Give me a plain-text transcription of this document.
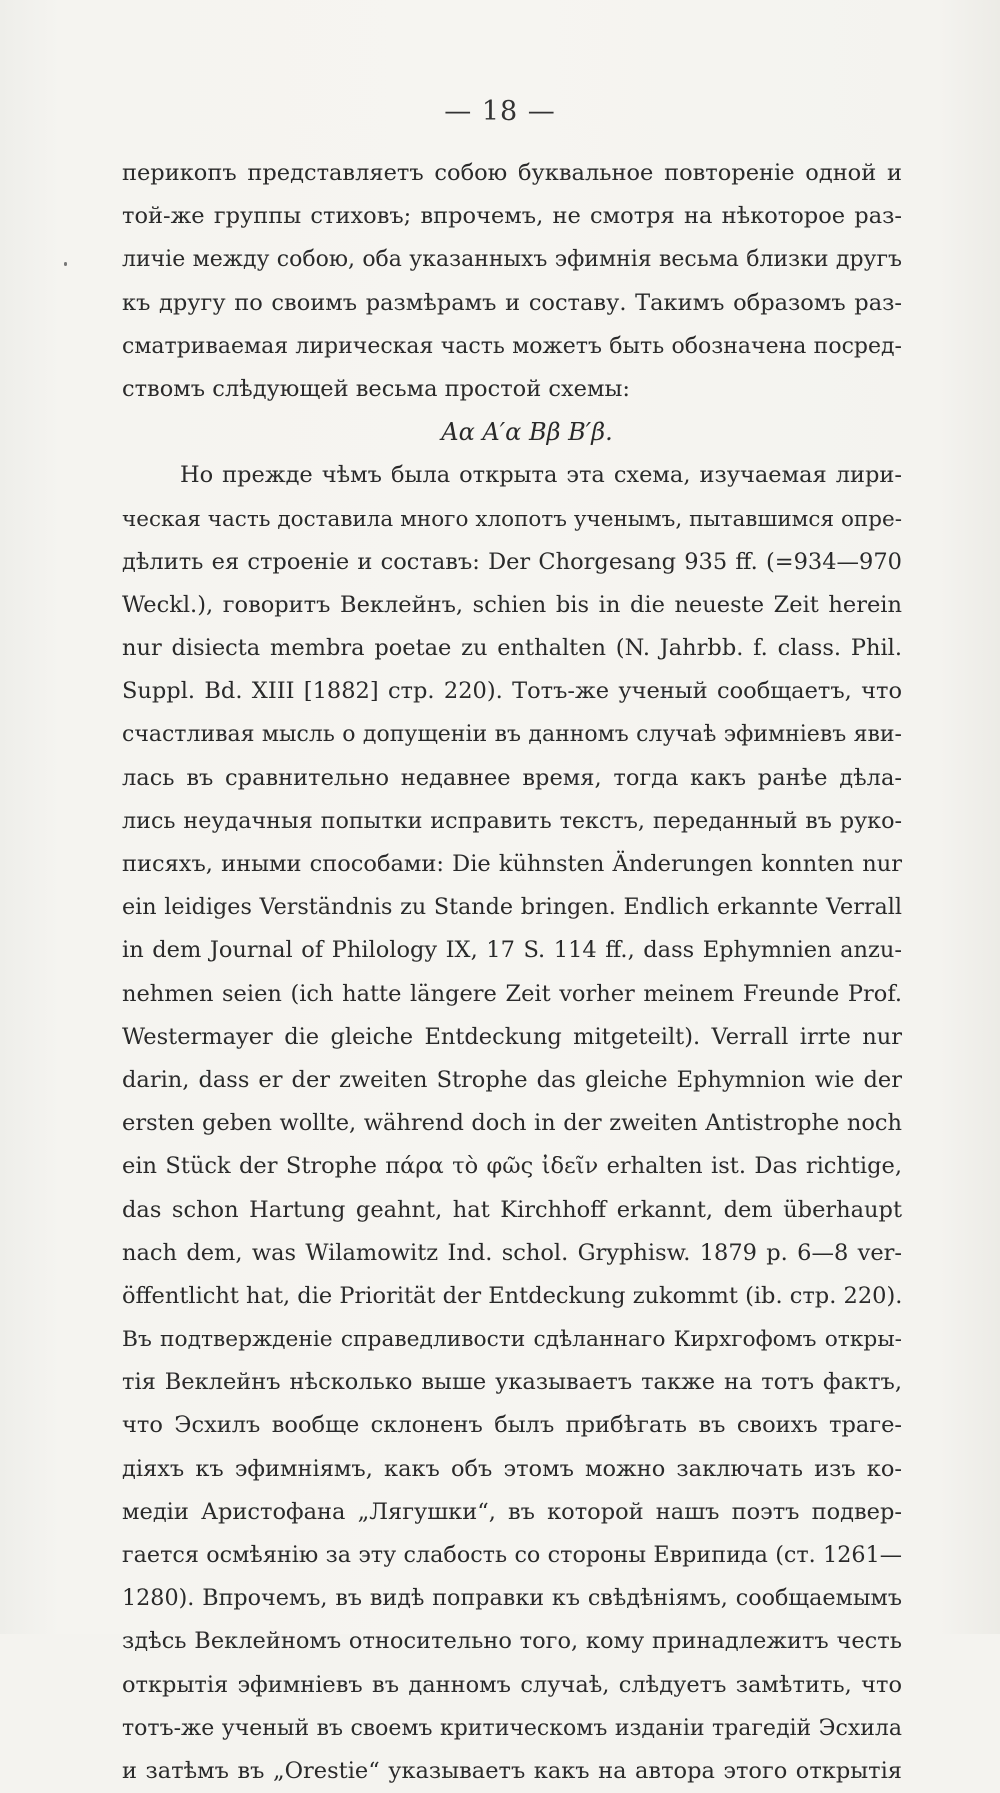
— 18 —
перикопъ представляетъ собою буквальное повторенiе одной и
той-же группы стиховъ; впрочемъ, не смотря на нѣкоторое раз-
личiе между собою, оба указанныхъ эфимнiя весьма близки другъ
къ другу по своимъ размѣрамъ и составу. Такимъ образомъ раз-
сматриваемая лирическая часть можетъ быть обозначена посред-
ствомъ слѣдующей весьма простой схемы:
Aα A′α Bβ B′β.
Но прежде чѣмъ была открыта эта схема, изучаемая лири-
ческая часть доставила много хлопотъ ученымъ, пытавшимся опре-
дѣлить ея строенiе и составъ: Der Chorgesang 935 ff. (=934—970
Weckl.), говоритъ Веклейнъ, schien bis in die neueste Zeit herein
nur disiecta membra poetae zu enthalten (N. Jahrbb. f. class. Phil.
Suppl. Bd. XIII [1882] стр. 220). Тотъ-же ученый сообщаетъ, что
счастливая мысль о допущенiи въ данномъ случаѣ эфимнiевъ яви-
лась въ сравнительно недавнее время, тогда какъ ранѣе дѣла-
лись неудачныя попытки исправить текстъ, переданный въ руко-
писяхъ, иными способами: Die kühnsten Änderungen konnten nur
ein leidiges Verständnis zu Stande bringen. Endlich erkannte Verrall
in dem Journal of Philology IX, 17 S. 114 ff., dass Ephymnien anzu-
nehmen seien (ich hatte längere Zeit vorher meinem Freunde Prof.
Westermayer die gleiche Entdeckung mitgeteilt). Verrall irrte nur
darin, dass er der zweiten Strophe das gleiche Ephymnion wie der
ersten geben wollte, während doch in der zweiten Antistrophe noch
ein Stück der Strophe πάρα τὸ φῶς ἰδεῖν erhalten ist. Das richtige,
das schon Hartung geahnt, hat Kirchhoff erkannt, dem überhaupt
nach dem, was Wilamowitz Ind. schol. Gryphisw. 1879 p. 6—8 ver-
öffentlicht hat, die Priorität der Entdeckung zukommt (ib. стр. 220).
Въ подтвержденiе справедливости сдѣланнаго Кирхгофомъ откры-
тiя Веклейнъ нѣсколько выше указываетъ также на тотъ фактъ,
что Эсхилъ вообще склоненъ былъ прибѣгать въ своихъ траге-
дiяхъ къ эфимнiямъ, какъ объ этомъ можно заключать изъ ко-
медiи Аристофана „Лягушки“, въ которой нашъ поэтъ подвер-
гается осмѣянiю за эту слабость со стороны Еврипида (ст. 1261—
1280). Впрочемъ, въ видѣ поправки къ свѣдѣнiямъ, сообщаемымъ
здѣсь Веклейномъ относительно того, кому принадлежитъ честь
открытiя эфимнiевъ въ данномъ случаѣ, слѣдуетъ замѣтить, что
тотъ-же ученый въ своемъ критическомъ изданiи трагедiй Эсхила
и затѣмъ въ „Orestie“ указываетъ какъ на автора этого открытiя
